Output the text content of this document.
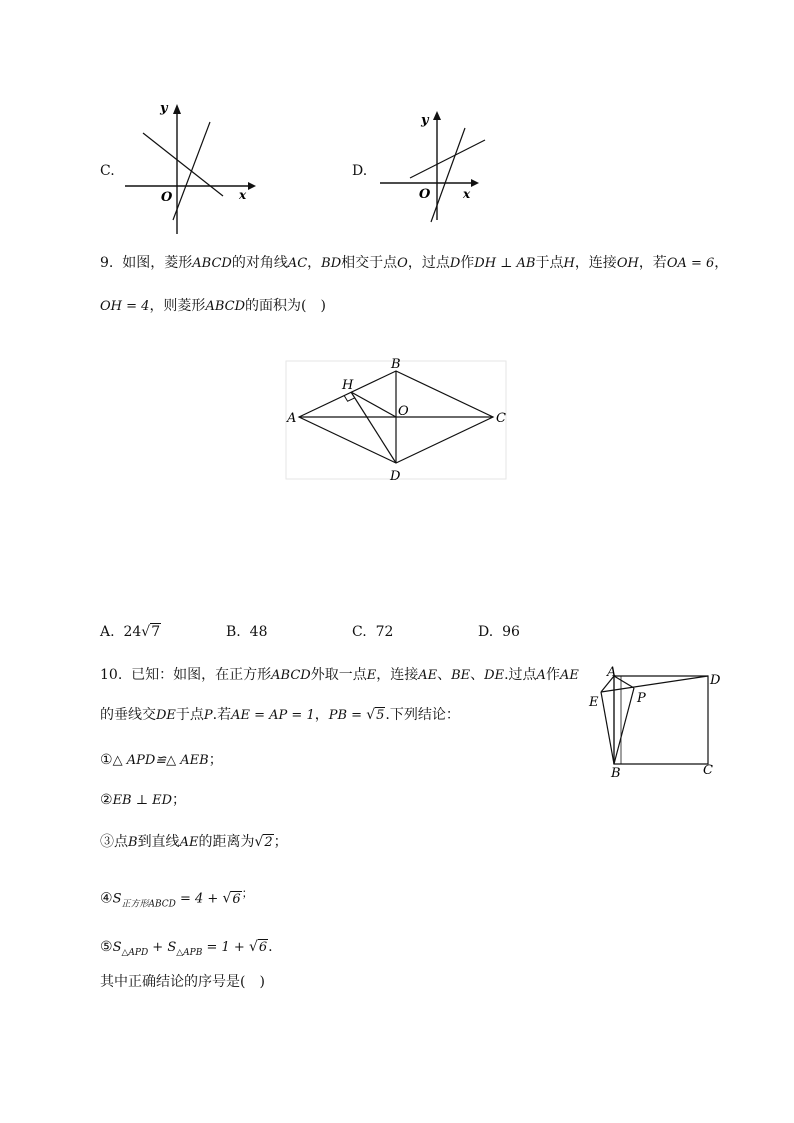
C.
y
x
O
D.
y
x
O
9. 如图，菱形ABCD的对角线AC，BD相交于点O，过点D作DH ⊥ AB于点H，连接OH，若OA = 6，
OH = 4，则菱形ABCD的面积为(　)
A
B
C
D
H
O
A. 24√7	B. 48	C. 72	D. 96
10. 已知：如图，在正方形ABCD外取一点E，连接AE、BE、DE.过点A作AE
的垂线交DE于点P.若AE = AP = 1，PB = √5.下列结论：
①△ APD≌△ AEB；
②EB ⊥ ED；
③点B到直线AE的距离为√2；
$④S_{正方形ABCD} = 4 + √6^;$
$⑤S_{\triangle APD} + S_{\triangle APB} = 1 + √6$.
其中正确结论的序号是(　)
A
D
E	P
B	C
